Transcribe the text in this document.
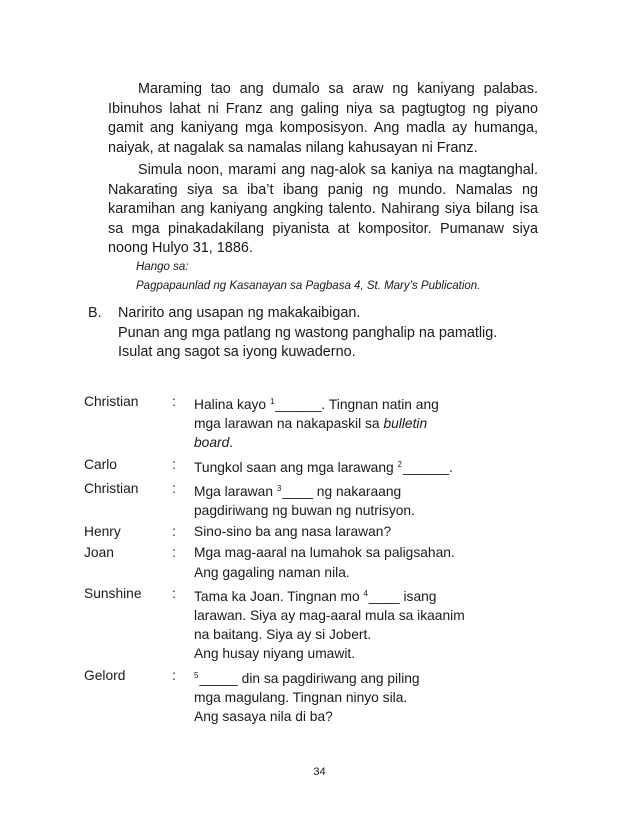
Maraming tao ang dumalo sa araw ng kaniyang palabas. Ibinuhos lahat ni Franz ang galing niya sa pagtugtog ng piyano gamit ang kaniyang mga komposisyon. Ang madla ay humanga, naiyak, at nagalak sa namalas nilang kahusayan ni Franz.

Simula noon, marami ang nag-alok sa kaniya na magtanghal. Nakarating siya sa iba’t ibang panig ng mundo. Namalas ng karamihan ang kaniyang angking talento. Nahirang siya bilang isa sa mga pinakadakilang piyanista at kompositor. Pumanaw siya noong Hulyo 31, 1886.

Hango sa:
Pagpapaunlad ng Kasanayan sa Pagbasa 4, St. Mary’s Publication.
B. Naririto ang usapan ng makakaibigan.
Punan ang mga patlang ng wastong panghalip na pamatlig.
Isulat ang sagot sa iyong kuwaderno.
Christian : Halina kayo $^1$______. Tingnan natin ang
mga larawan na nakapaskil sa bulletin
board.
Carlo	: Tungkol saan ang mga larawang $^2$______.
Christian : Mga larawan $^3$____ ng nakaraang
pagdiriwang ng buwan ng nutrisyon.
Henry	: Sino-sino ba ang nasa larawan?
Joan	: Mga mag-aaral na lumahok sa paligsahan.
Ang gagaling naman nila.
Sunshine : Tama ka Joan. Tingnan mo $^4$____ isang
larawan. Siya ay mag-aaral mula sa ikaanim
na baitang. Siya ay si Jobert.
Ang husay niyang umawit.
Gelord	: $^5$_____ din sa pagdiriwang ang piling
mga magulang. Tingnan ninyo sila.
Ang sasaya nila di ba?
34
